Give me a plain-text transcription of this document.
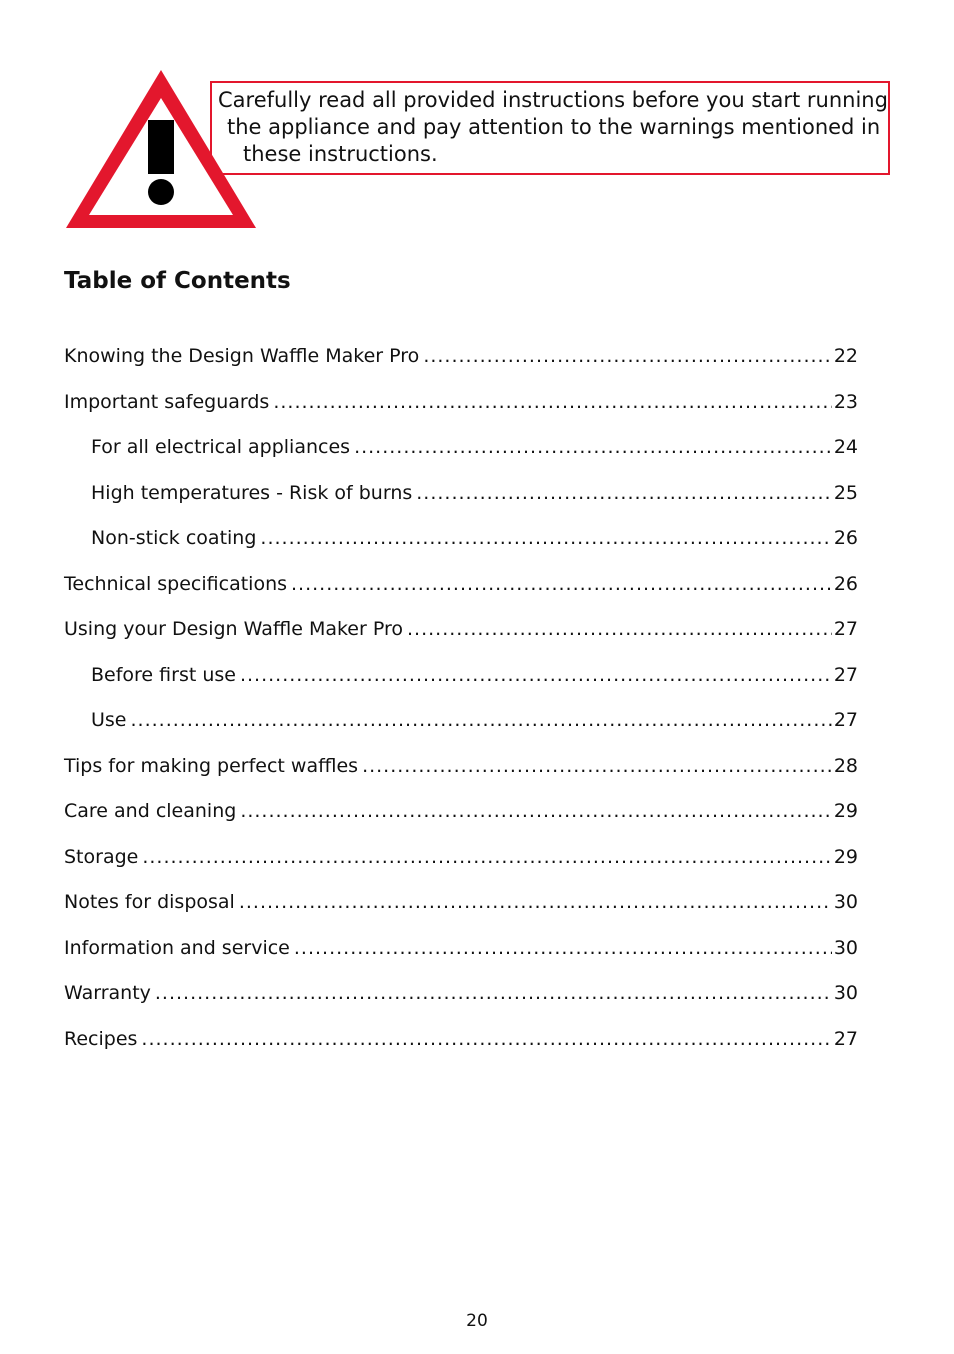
Carefully read all provided instructions before you start running
the appliance and pay attention to the warnings mentioned in
these instructions.
Table of Contents
Knowing the Design Waffle Maker Pro .....	22
Important safeguards .....	23
For all electrical appliances .....	24
High temperatures - Risk of burns .....	25
Non-stick coating .....	26
Technical specifications .....	26
Using your Design Waffle Maker Pro .....	27
Before first use .....	27
Use .....	27
Tips for making perfect waffles .....	28
Care and cleaning .....	29
Storage .....	29
Notes for disposal .....	30
Information and service .....	30
Warranty .....	30
Recipes .....	27
20
